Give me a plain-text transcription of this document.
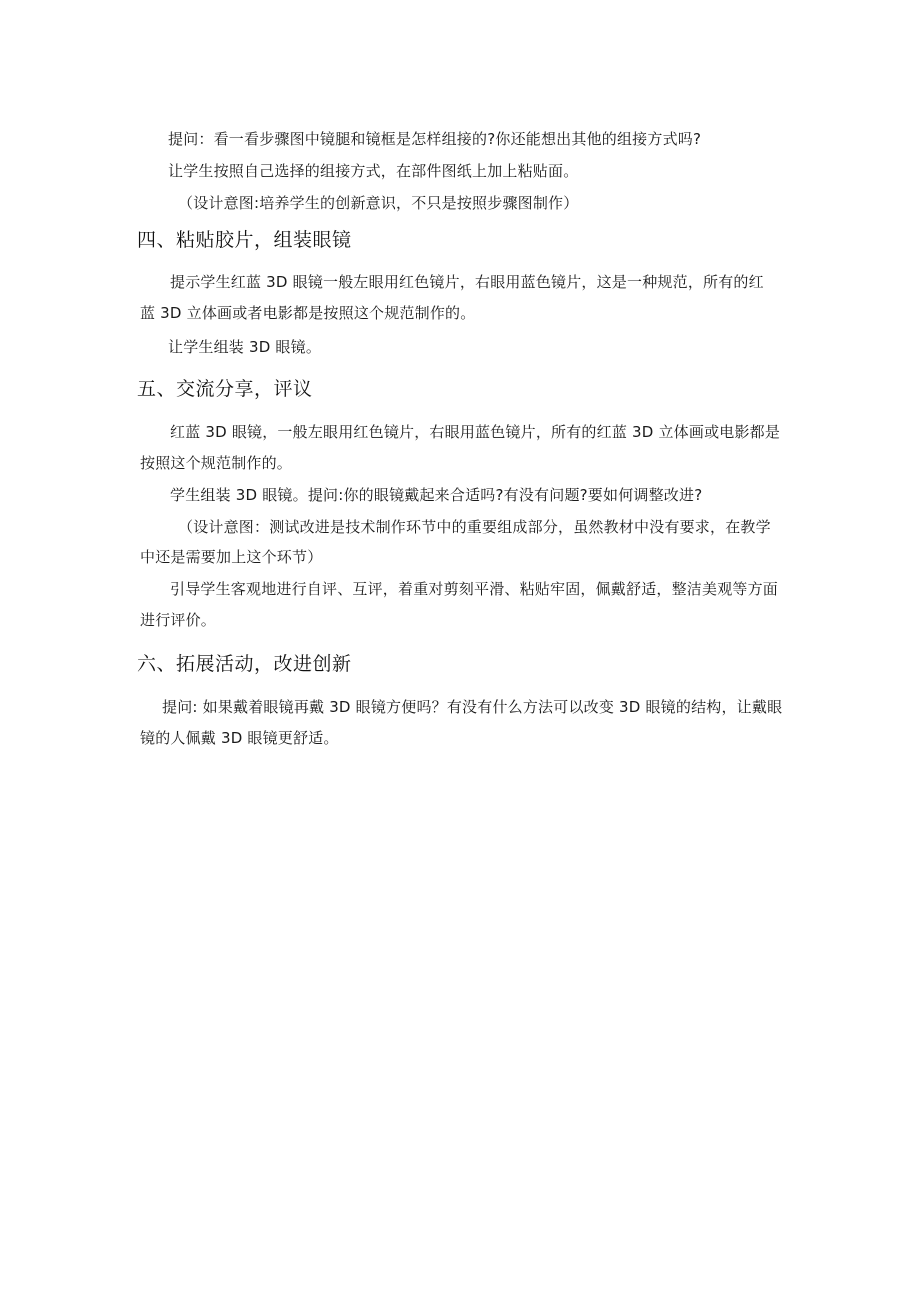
提问：看一看步骤图中镜腿和镜框是怎样组接的?你还能想出其他的组接方式吗?
让学生按照自己选择的组接方式，在部件图纸上加上粘贴面。
（设计意图:培养学生的创新意识，不只是按照步骤图制作）
四、粘贴胶片，组装眼镜
提示学生红蓝 3D 眼镜一般左眼用红色镜片，右眼用蓝色镜片，这是一种规范，所有的红
蓝 3D 立体画或者电影都是按照这个规范制作的。
让学生组装 3D 眼镜。
五、交流分享，评议
红蓝 3D 眼镜，一般左眼用红色镜片，右眼用蓝色镜片，所有的红蓝 3D 立体画或电影都是
按照这个规范制作的。
学生组装 3D 眼镜。提问:你的眼镜戴起来合适吗?有没有问题?要如何调整改进?
（设计意图：测试改进是技术制作环节中的重要组成部分，虽然教材中没有要求，在教学
中还是需要加上这个环节）
引导学生客观地进行自评、互评，着重对剪刻平滑、粘贴牢固，佩戴舒适，整洁美观等方面
进行评价。
六、拓展活动，改进创新
提问: 如果戴着眼镜再戴 3D 眼镜方便吗？有没有什么方法可以改变 3D 眼镜的结构，让戴眼
镜的人佩戴 3D 眼镜更舒适。
